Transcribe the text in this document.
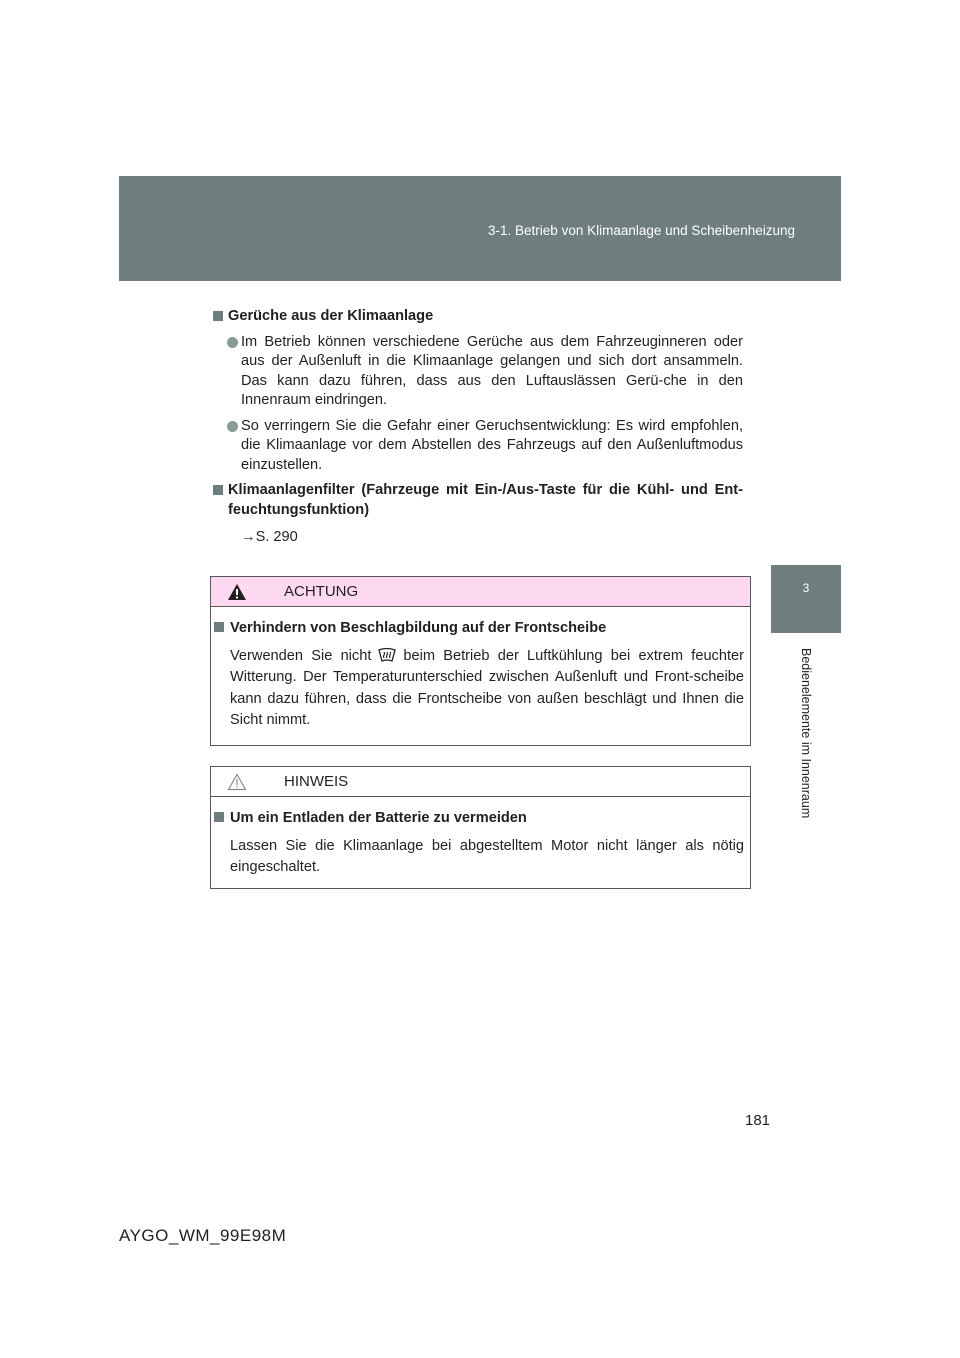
3-1. Betrieb von Klimaanlage und Scheibenheizung
3
Bedienelemente im Innenraum
Gerüche aus der Klimaanlage
Im Betrieb können verschiedene Gerüche aus dem Fahrzeuginneren oder aus der Außenluft in die Klimaanlage gelangen und sich dort ansammeln. Das kann dazu führen, dass aus den Luftauslässen Gerü-che in den Innenraum eindringen.
So verringern Sie die Gefahr einer Geruchsentwicklung: Es wird empfohlen, die Klimaanlage vor dem Abstellen des Fahrzeugs auf den Außenluftmodus einzustellen.
Klimaanlagenfilter (Fahrzeuge mit Ein-/Aus-Taste für die Kühl- und Ent-feuchtungsfunktion)
→S. 290
ACHTUNG
Verhindern von Beschlagbildung auf der Frontscheibe
Verwenden Sie nicht beim Betrieb der Luftkühlung bei extrem feuchter Witterung. Der Temperaturunterschied zwischen Außenluft und Front-scheibe kann dazu führen, dass die Frontscheibe von außen beschlägt und Ihnen die Sicht nimmt.
HINWEIS
Um ein Entladen der Batterie zu vermeiden
Lassen Sie die Klimaanlage bei abgestelltem Motor nicht länger als nötig eingeschaltet.
181
AYGO_WM_99E98M
